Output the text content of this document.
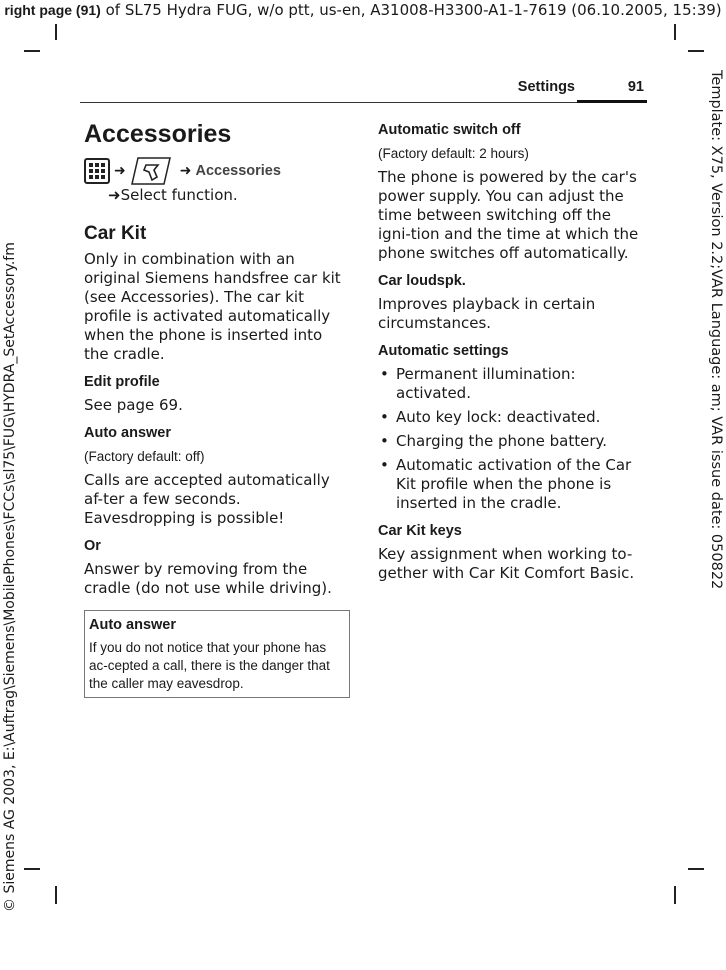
right page (91) of SL75 Hydra FUG, w/o ptt, us-en, A31008-H3300-A1-1-7619 (06.10.2005, 15:39)
© Siemens AG 2003, E:\Auftrag\Siemens\MobilePhones\FCCs\sl75\FUG\HYDRA_SetAccessory.fm	Template: X75, Version 2.2;VAR Language: am; VAR issue date: 050822
Settings	91
Accessories
➜	➜ Accessories
➜Select function.
Car Kit

Only in combination with an original Siemens handsfree car kit (see Accessories). The car kit profile is activated automatically when the phone is inserted into the cradle.

Edit profile

See page 69.

Auto answer
(Factory default: off)

Calls are accepted automatically af-ter a few seconds. Eavesdropping is possible!

Or

Answer by removing from the cradle (do not use while driving).

Auto answer
If you do not notice that your phone has ac-cepted a call, there is the danger that the caller may eavesdrop.
Automatic switch off
(Factory default: 2 hours)

The phone is powered by the car's power supply. You can adjust the time between switching off the igni-tion and the time at which the phone switches off automatically.

Car loudspk.

Improves playback in certain circumstances.

Automatic settings
• Permanent illumination: activated.
• Auto key lock: deactivated.
• Charging the phone battery.
• Automatic activation of the Car Kit profile when the phone is inserted in the cradle.
Car Kit keys

Key assignment when working to-gether with Car Kit Comfort Basic.
